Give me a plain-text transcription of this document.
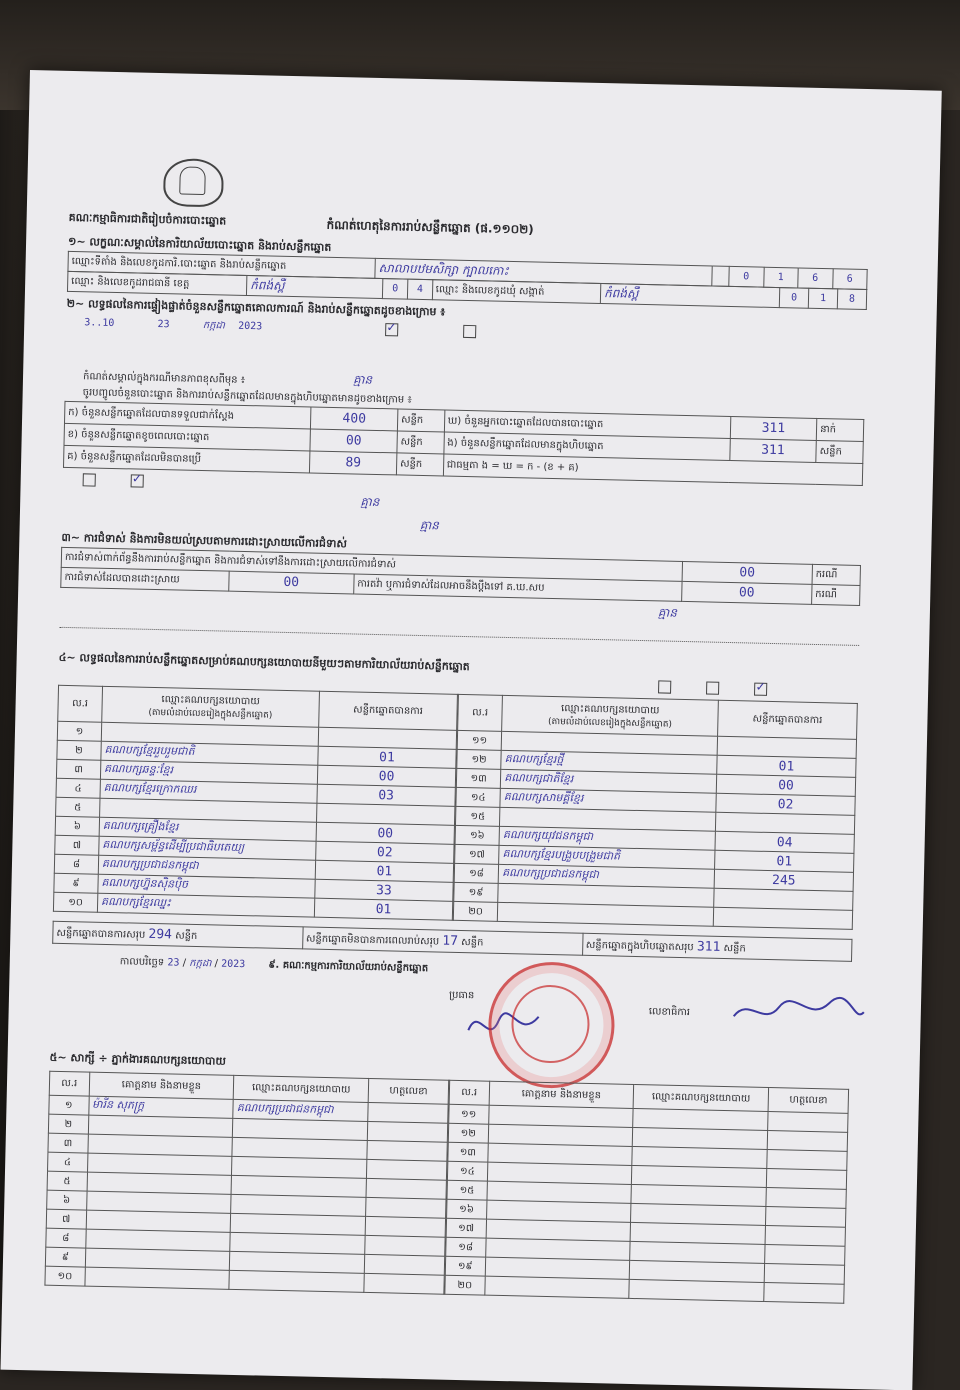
គណៈកម្មាធិការជាតិរៀបចំការបោះឆ្នោត	កំណត់ហេតុនៃការរាប់សន្លឹកឆ្នោត (ផ.១១០២)
១~ លក្ខណៈសម្គាល់នៃការិយាល័យបោះឆ្នោត និងរាប់សន្លឹកឆ្នោត
ឈ្មោះទីតាំង និងលេខកូដការិ.បោះឆ្នោត និងរាប់សន្លឹកឆ្នោត	សាលាបឋមសិក្សា ក្បាលកោះ		0	1	6	6
ឈ្មោះ និងលេខកូដរាជធានី ខេត្ត	កំពង់ស្ពឺ	0	4	ឈ្មោះ និងលេខកូដឃុំ សង្កាត់	កំពង់ស្ពឺ	0	1	8
២~ លទ្ធផលនៃការផ្ទៀងផ្ទាត់ចំនួនសន្លឹកឆ្នោតគោលការណ៍ និងរាប់សន្លឹកឆ្នោតដូចខាងក្រោម ៖
3..10	23	កក្កដា 2023 ✓
កំណត់សម្គាល់ក្នុងករណីមានភាពខុសពីមុន ៖	គ្មាន
ចូរបញ្ចូលចំនួនបោះឆ្នោត និងការរាប់សន្លឹកឆ្នោតដែលមានក្នុងហិបឆ្នោតមានដូចខាងក្រោម ៖
ក) ចំនួនសន្លឹកឆ្នោតដែលបានទទួលជាក់ស្តែង	400	សន្លឹក	ឃ) ចំនួនអ្នកបោះឆ្នោតដែលបានបោះឆ្នោត	311	នាក់
ខ) ចំនួនសន្លឹកឆ្នោតខូចពេលបោះឆ្នោត	00	សន្លឹក	ង) ចំនួនសន្លឹកឆ្នោតដែលមានក្នុងហិបឆ្នោត	311	សន្លឹក
គ) ចំនួនសន្លឹកឆ្នោតដែលមិនបានប្រើ	89	សន្លឹក	ជាធម្មតា ង = ឃ = ក - (ខ + គ)		
✓
គ្មាន
គ្មាន
៣~ ការជំទាស់ និងការមិនយល់ស្របតាមការដោះស្រាយលើការជំទាស់
ការជំទាស់ពាក់ព័ន្ធនឹងការរាប់សន្លឹកឆ្នោត និងការជំទាស់ទៅនឹងការដោះស្រាយលើការជំទាស់			00	ករណី
ការជំទាស់ដែលបានដោះស្រាយ	00	ការតវ៉ា ឬការជំទាស់ដែលអាចនឹងប្តឹងទៅ គ.ឃ.សប	00	ករណី
គ្មាន
៤~ លទ្ធផលនៃការរាប់សន្លឹកឆ្នោតសម្រាប់គណបក្សនយោបាយនីមួយៗតាមការិយាល័យរាប់សន្លឹកឆ្នោត
✓
ល.រ	ឈ្មោះគណបក្សនយោបាយ
(តាមលំដាប់លេខរៀងក្នុងសន្លឹកឆ្នោត)	សន្លឹកឆ្នោតបានការ
១		
២	គណបក្សខ្មែររួបរួមជាតិ	01
៣	គណបក្សឆន្ទៈខ្មែរ	00
៤	គណបក្សខ្មែរក្រោកឈរ	03
៥		
៦	គណបក្សគ្រឿងខ្មែរ	00
៧	គណបក្សសម្ព័ន្ធដើម្បីប្រជាធិបតេយ្យ	02
៨	គណបក្សប្រជាជនកម្ពុជា	01
៩	គណបក្សហ្វ៊ុនស៊ិនប៉ិច	33
១០	គណបក្សខ្មែរឈ្នះ	01
ល.រ	ឈ្មោះគណបក្សនយោបាយ
(តាមលំដាប់លេខរៀងក្នុងសន្លឹកឆ្នោត)	សន្លឹកឆ្នោតបានការ
១១		
១២	គណបក្សខ្មែរថ្មី	01
១៣	គណបក្សជាតិខ្មែរ	00
១៤	គណបក្សសាមគ្គីខ្មែរ	02
១៥		
១៦	គណបក្សយុវជនកម្ពុជា	04
១៧	គណបក្សខ្មែរបង្រួបបង្រួមជាតិ	01
១៨	គណបក្សប្រជាជនកម្ពុជា	245
១៩		
២០		
សន្លឹកឆ្នោតបានការសរុប 294 សន្លឹក	សន្លឹកឆ្នោតមិនបានការពេលរាប់សរុប 17 សន្លឹក	សន្លឹកឆ្នោតក្នុងហិបឆ្នោតសរុប 311 សន្លឹក
កាលបរិច្ឆេទ 23 / កក្កដា / 2023 ៩. គណៈកម្មការការិយាល័យរាប់សន្លឹកឆ្នោត
ប្រធាន
លេខាធិការ
៥~ សាក្សី ÷ ភ្នាក់ងារគណបក្សនយោបាយ
ល.រ	គោត្តនាម និងនាមខ្លួន	ឈ្មោះគណបក្សនយោបាយ	ហត្ថលេខា
១	ម៉ារីន សុភក្រ្ត	គណបក្សប្រជាជនកម្ពុជា	
២			
៣			
៤			
៥			
៦			
៧			
៨			
៩			
១០			
ល.រ	គោត្តនាម និងនាមខ្លួន	ឈ្មោះគណបក្សនយោបាយ	ហត្ថលេខា
១១			
១២			
១៣			
១៤			
១៥			
១៦			
១៧			
១៨			
១៩			
២០			
